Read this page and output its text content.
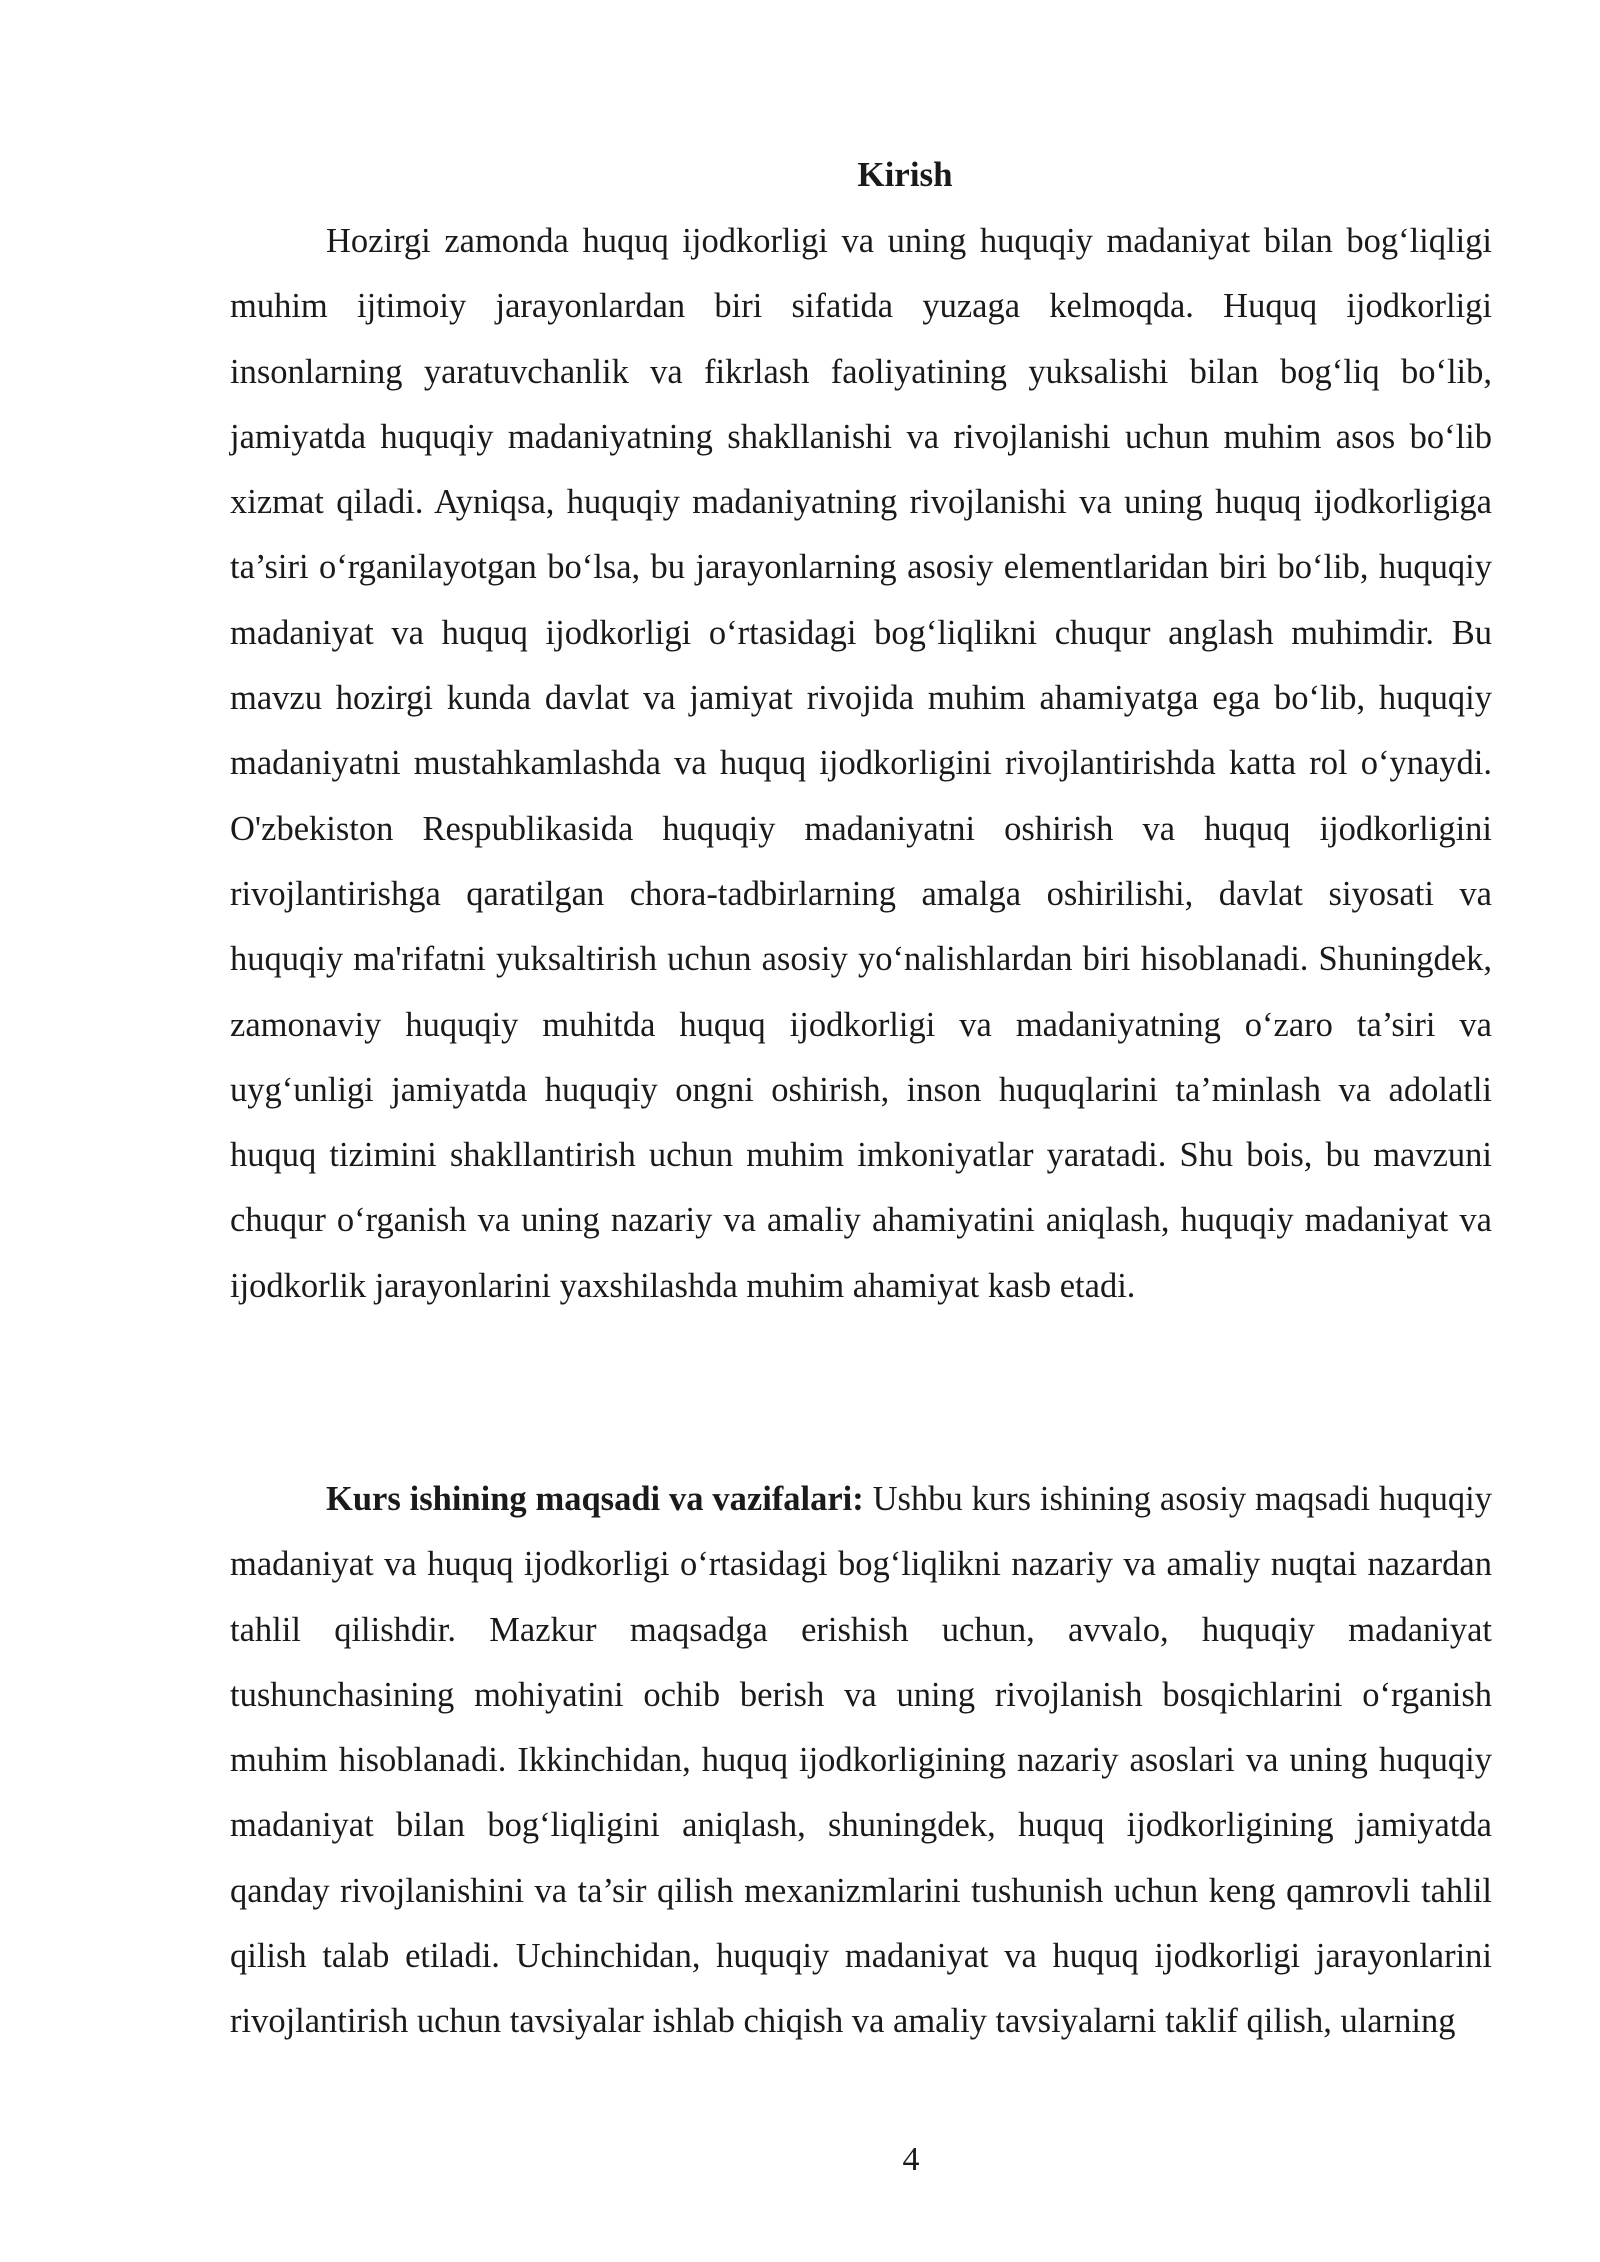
Kirish

Hozirgi zamonda huquq ijodkorligi va uning huquqiy madaniyat bilan bog‘liqligi muhim ijtimoiy jarayonlardan biri sifatida yuzaga kelmoqda. Huquq ijodkorligi insonlarning yaratuvchanlik va fikrlash faoliyatining yuksalishi bilan bog‘liq bo‘lib, jamiyatda huquqiy madaniyatning shakllanishi va rivojlanishi uchun muhim asos bo‘lib xizmat qiladi. Ayniqsa, huquqiy madaniyatning rivojlanishi va uning huquq ijodkorligiga ta’siri o‘rganilayotgan bo‘lsa, bu jarayonlarning asosiy elementlaridan biri bo‘lib, huquqiy madaniyat va huquq ijodkorligi o‘rtasidagi bog‘liqlikni chuqur anglash muhimdir. Bu mavzu hozirgi kunda davlat va jamiyat rivojida muhim ahamiyatga ega bo‘lib, huquqiy madaniyatni mustahkamlashda va huquq ijodkorligini rivojlantirishda katta rol o‘ynaydi. O'zbekiston Respublikasida huquqiy madaniyatni oshirish va huquq ijodkorligini rivojlantirishga qaratilgan chora-tadbirlarning amalga oshirilishi, davlat siyosati va huquqiy ma'rifatni yuksaltirish uchun asosiy yo‘nalishlardan biri hisoblanadi. Shuningdek, zamonaviy huquqiy muhitda huquq ijodkorligi va madaniyatning o‘zaro ta’siri va uyg‘unligi jamiyatda huquqiy ongni oshirish, inson huquqlarini ta’minlash va adolatli huquq tizimini shakllantirish uchun muhim imkoniyatlar yaratadi. Shu bois, bu mavzuni chuqur o‘rganish va uning nazariy va amaliy ahamiyatini aniqlash, huquqiy madaniyat va ijodkorlik jarayonlarini yaxshilashda muhim ahamiyat kasb etadi.

Kurs ishining maqsadi va vazifalari: Ushbu kurs ishining asosiy maqsadi huquqiy madaniyat va huquq ijodkorligi o‘rtasidagi bog‘liqlikni nazariy va amaliy nuqtai nazardan tahlil qilishdir. Mazkur maqsadga erishish uchun, avvalo, huquqiy madaniyat tushunchasining mohiyatini ochib berish va uning rivojlanish bosqichlarini o‘rganish muhim hisoblanadi. Ikkinchidan, huquq ijodkorligining nazariy asoslari va uning huquqiy madaniyat bilan bog‘liqligini aniqlash, shuningdek, huquq ijodkorligining jamiyatda qanday rivojlanishini va ta’sir qilish mexanizmlarini tushunish uchun keng qamrovli tahlil qilish talab etiladi. Uchinchidan, huquqiy madaniyat va huquq ijodkorligi jarayonlarini rivojlantirish uchun tavsiyalar ishlab chiqish va amaliy tavsiyalarni taklif qilish, ularning

4
